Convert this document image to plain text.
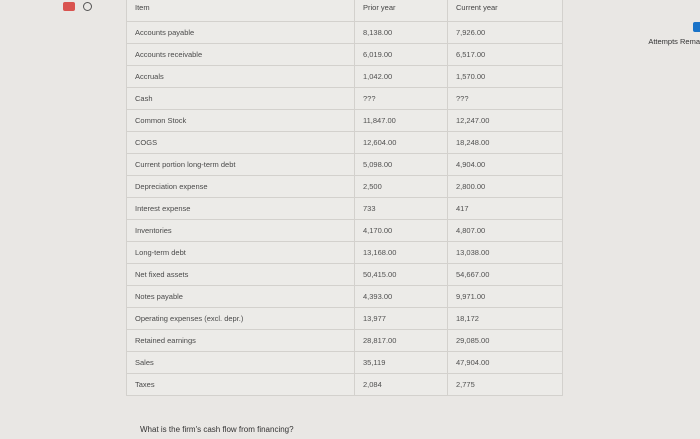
Item	Prior year	Current year
Accounts payable	8,138.00	7,926.00
Accounts receivable	6,019.00	6,517.00
Accruals	1,042.00	1,570.00
Cash	???	???
Common Stock	11,847.00	12,247.00
COGS	12,604.00	18,248.00
Current portion long-term debt	5,098.00	4,904.00
Depreciation expense	2,500	2,800.00
Interest expense	733	417
Inventories	4,170.00	4,807.00
Long-term debt	13,168.00	13,038.00
Net fixed assets	50,415.00	54,667.00
Notes payable	4,393.00	9,971.00
Operating expenses (excl. depr.)	13,977	18,172
Retained earnings	28,817.00	29,085.00
Sales	35,119	47,904.00
Taxes	2,084	2,775
Attempts Rema
What is the firm's cash flow from financing?
